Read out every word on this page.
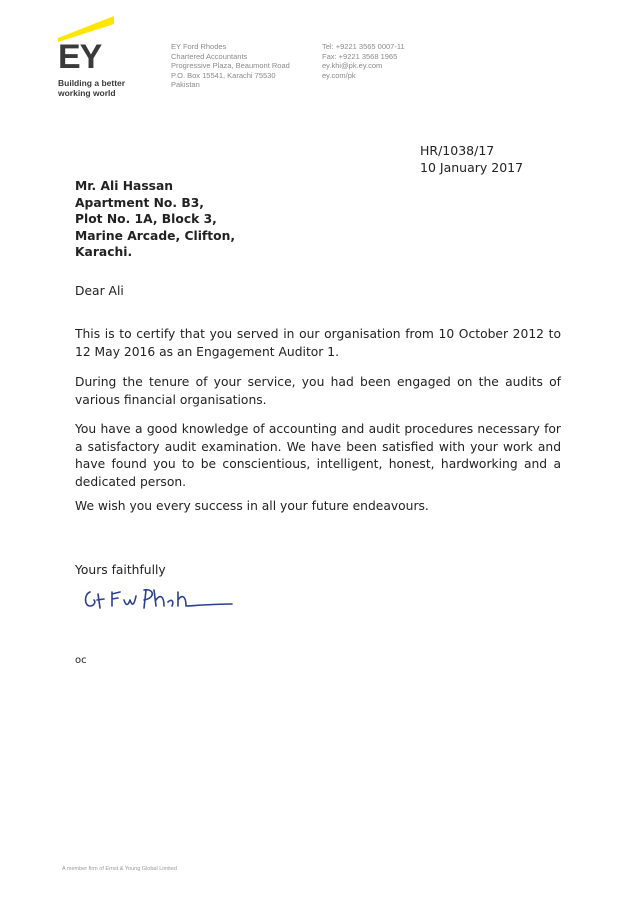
EY
Building a better
working world
EY Ford Rhodes
Chartered Accountants
Progressive Plaza, Beaumont Road
P.O. Box 15541, Karachi 75530
Pakistan
Tel: +9221 3565 0007-11
Fax: +9221 3568 1965
ey.khi@pk.ey.com
ey.com/pk
HR/1038/17
10 January 2017
Mr. Ali Hassan
Apartment No. B3,
Plot No. 1A, Block 3,
Marine Arcade, Clifton,
Karachi.
Dear Ali
This is to certify that you served in our organisation from 10 October 2012 to 12 May 2016 as an Engagement Auditor 1.
During the tenure of your service, you had been engaged on the audits of various financial organisations.
You have a good knowledge of accounting and audit procedures necessary for a satisfactory audit examination. We have been satisfied with your work and have found you to be conscientious, intelligent, honest, hardworking and a dedicated person.
We wish you every success in all your future endeavours.
Yours faithfully
oc
A member firm of Ernst & Young Global Limited
